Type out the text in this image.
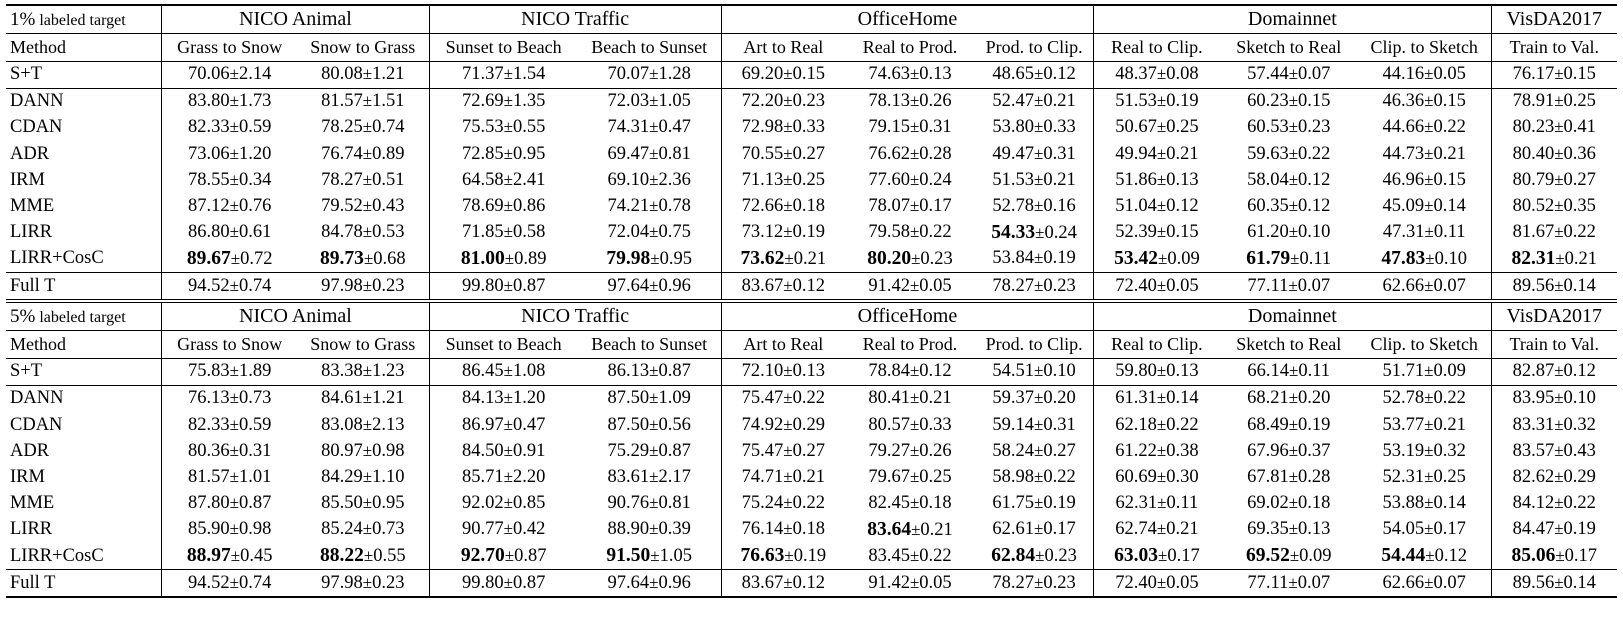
1% labeled target	NICO Animal		NICO Traffic		OfficeHome			Domainnet			VisDA2017
Method	Grass to Snow	Snow to Grass	Sunset to Beach	Beach to Sunset	Art to Real	Real to Prod.	Prod. to Clip.	Real to Clip.	Sketch to Real	Clip. to Sketch	Train to Val.
S+T	70.06±2.14	80.08±1.21	71.37±1.54	70.07±1.28	69.20±0.15	74.63±0.13	48.65±0.12	48.37±0.08	57.44±0.07	44.16±0.05	76.17±0.15
DANN	83.80±1.73	81.57±1.51	72.69±1.35	72.03±1.05	72.20±0.23	78.13±0.26	52.47±0.21	51.53±0.19	60.23±0.15	46.36±0.15	78.91±0.25
CDAN	82.33±0.59	78.25±0.74	75.53±0.55	74.31±0.47	72.98±0.33	79.15±0.31	53.80±0.33	50.67±0.25	60.53±0.23	44.66±0.22	80.23±0.41
ADR	73.06±1.20	76.74±0.89	72.85±0.95	69.47±0.81	70.55±0.27	76.62±0.28	49.47±0.31	49.94±0.21	59.63±0.22	44.73±0.21	80.40±0.36
IRM	78.55±0.34	78.27±0.51	64.58±2.41	69.10±2.36	71.13±0.25	77.60±0.24	51.53±0.21	51.86±0.13	58.04±0.12	46.96±0.15	80.79±0.27
MME	87.12±0.76	79.52±0.43	78.69±0.86	74.21±0.78	72.66±0.18	78.07±0.17	52.78±0.16	51.04±0.12	60.35±0.12	45.09±0.14	80.52±0.35
LIRR	86.80±0.61	84.78±0.53	71.85±0.58	72.04±0.75	73.12±0.19	79.58±0.22	54.33±0.24	52.39±0.15	61.20±0.10	47.31±0.11	81.67±0.22
LIRR+CosC	89.67±0.72	89.73±0.68	81.00±0.89	79.98±0.95	73.62±0.21	80.20±0.23	53.84±0.19	53.42±0.09	61.79±0.11	47.83±0.10	82.31±0.21
Full T	94.52±0.74	97.98±0.23	99.80±0.87	97.64±0.96	83.67±0.12	91.42±0.05	78.27±0.23	72.40±0.05	77.11±0.07	62.66±0.07	89.56±0.14
5% labeled target	NICO Animal		NICO Traffic		OfficeHome			Domainnet			VisDA2017
Method	Grass to Snow	Snow to Grass	Sunset to Beach	Beach to Sunset	Art to Real	Real to Prod.	Prod. to Clip.	Real to Clip.	Sketch to Real	Clip. to Sketch	Train to Val.
S+T	75.83±1.89	83.38±1.23	86.45±1.08	86.13±0.87	72.10±0.13	78.84±0.12	54.51±0.10	59.80±0.13	66.14±0.11	51.71±0.09	82.87±0.12
DANN	76.13±0.73	84.61±1.21	84.13±1.20	87.50±1.09	75.47±0.22	80.41±0.21	59.37±0.20	61.31±0.14	68.21±0.20	52.78±0.22	83.95±0.10
CDAN	82.33±0.59	83.08±2.13	86.97±0.47	87.50±0.56	74.92±0.29	80.57±0.33	59.14±0.31	62.18±0.22	68.49±0.19	53.77±0.21	83.31±0.32
ADR	80.36±0.31	80.97±0.98	84.50±0.91	75.29±0.87	75.47±0.27	79.27±0.26	58.24±0.27	61.22±0.38	67.96±0.37	53.19±0.32	83.57±0.43
IRM	81.57±1.01	84.29±1.10	85.71±2.20	83.61±2.17	74.71±0.21	79.67±0.25	58.98±0.22	60.69±0.30	67.81±0.28	52.31±0.25	82.62±0.29
MME	87.80±0.87	85.50±0.95	92.02±0.85	90.76±0.81	75.24±0.22	82.45±0.18	61.75±0.19	62.31±0.11	69.02±0.18	53.88±0.14	84.12±0.22
LIRR	85.90±0.98	85.24±0.73	90.77±0.42	88.90±0.39	76.14±0.18	83.64±0.21	62.61±0.17	62.74±0.21	69.35±0.13	54.05±0.17	84.47±0.19
LIRR+CosC	88.97±0.45	88.22±0.55	92.70±0.87	91.50±1.05	76.63±0.19	83.45±0.22	62.84±0.23	63.03±0.17	69.52±0.09	54.44±0.12	85.06±0.17
Full T	94.52±0.74	97.98±0.23	99.80±0.87	97.64±0.96	83.67±0.12	91.42±0.05	78.27±0.23	72.40±0.05	77.11±0.07	62.66±0.07	89.56±0.14
